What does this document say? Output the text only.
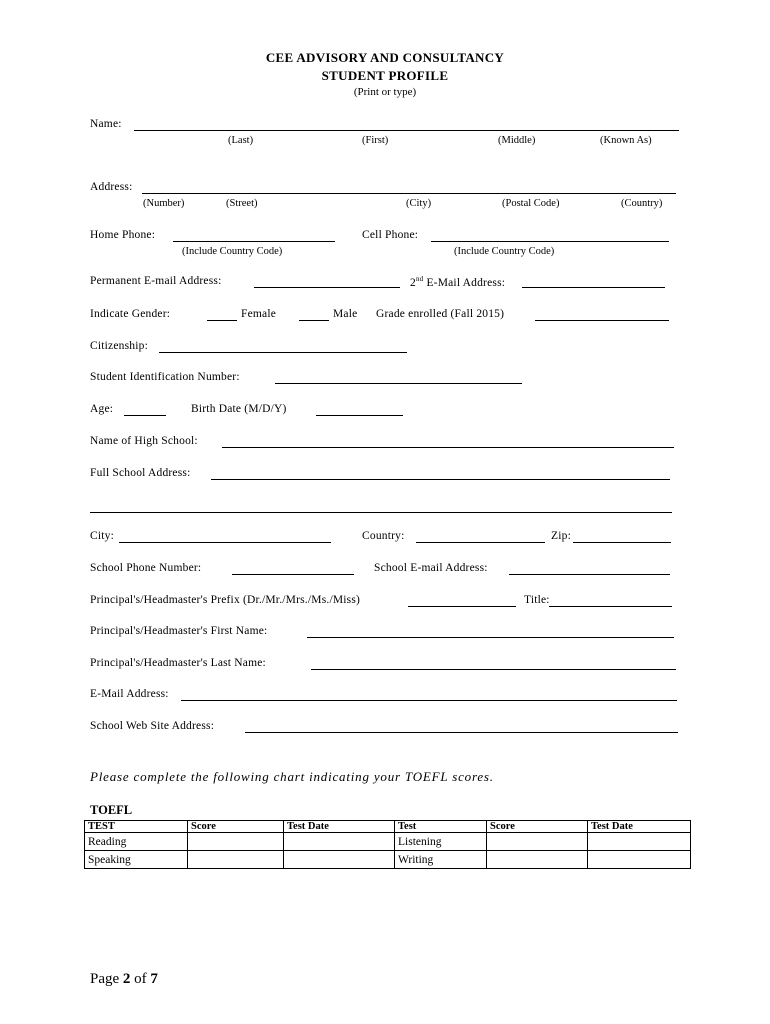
CEE ADVISORY AND CONSULTANCY
STUDENT PROFILE
(Print or type)
Name:
(Last)	(First)	(Middle)	(Known As)
Address:
(Number)	(Street)	(City)	(Postal Code)	(Country)
Home Phone:
(Include Country Code)
Cell Phone:
(Include Country Code)
Permanent E-mail Address:	2nd E-Mail Address:
Indicate Gender:	Female	Male Grade enrolled (Fall 2015)
Citizenship:
Student Identification Number:
Age:	Birth Date (M/D/Y)
Name of High School:
Full School Address:
City:	Country:	Zip:
School Phone Number:	School E-mail Address:
Principal's/Headmaster's Prefix (Dr./Mr./Mrs./Ms./Miss)	Title:
Principal's/Headmaster's First Name:
Principal's/Headmaster's Last Name:
E-Mail Address:
School Web Site Address:
Please complete the following chart indicating your TOEFL scores.
TOEFL
TEST	Score	Test Date	Test	Score	Test Date
Reading			Listening		
Speaking			Writing		
Page 2 of 7
